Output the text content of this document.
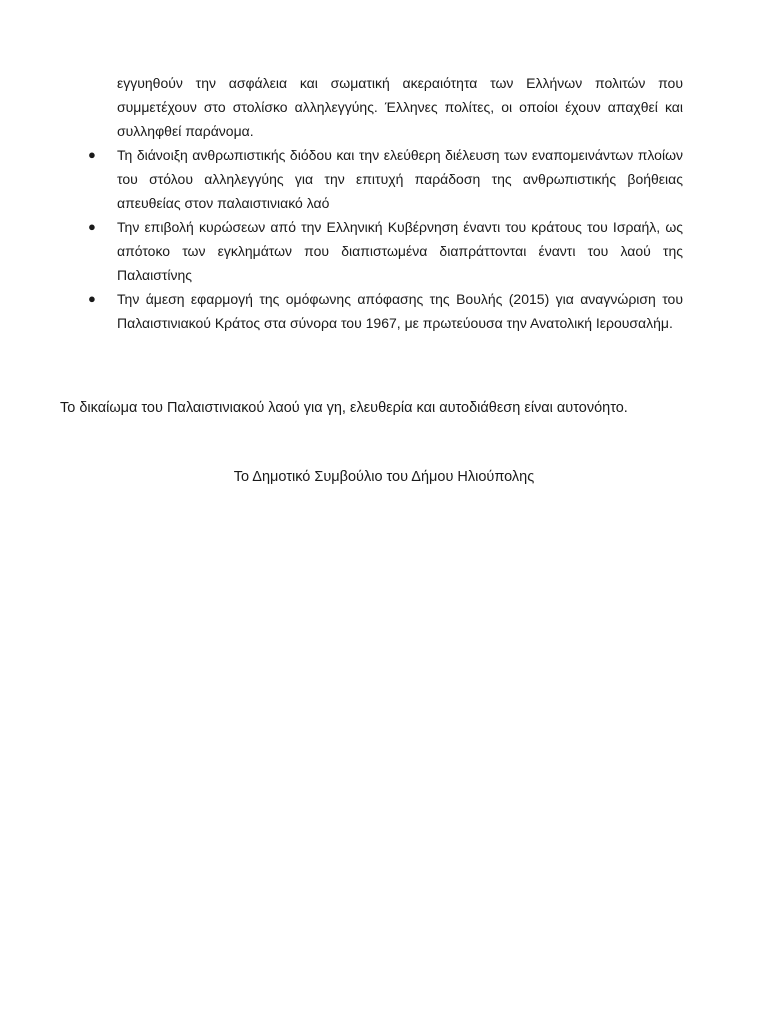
εγγυηθούν την ασφάλεια και σωματική ακεραιότητα των Ελλήνων πολιτών που συμμετέχουν στο στολίσκο αλληλεγγύης. Έλληνες πολίτες, οι οποίοι έχουν απαχθεί και συλληφθεί παράνομα.

●	Τη διάνοιξη ανθρωπιστικής διόδου και την ελεύθερη διέλευση των εναπομεινάντων πλοίων του στόλου αλληλεγγύης για την επιτυχή παράδοση της ανθρωπιστικής βοήθειας απευθείας στον παλαιστινιακό λαό
●	Την επιβολή κυρώσεων από την Ελληνική Κυβέρνηση έναντι του κράτους του Ισραήλ, ως απότοκο των εγκλημάτων που διαπιστωμένα διαπράττονται έναντι του λαού της Παλαιστίνης
●	Την άμεση εφαρμογή της ομόφωνης απόφασης της Βουλής (2015) για αναγνώριση του Παλαιστινιακού Κράτος στα σύνορα του 1967, με πρωτεύουσα την Ανατολική Ιερουσαλήμ.

Το δικαίωμα του Παλαιστινιακού λαού για γη, ελευθερία και αυτοδιάθεση είναι αυτονόητο.

Το Δημοτικό Συμβούλιο του Δήμου Ηλιούπολης
